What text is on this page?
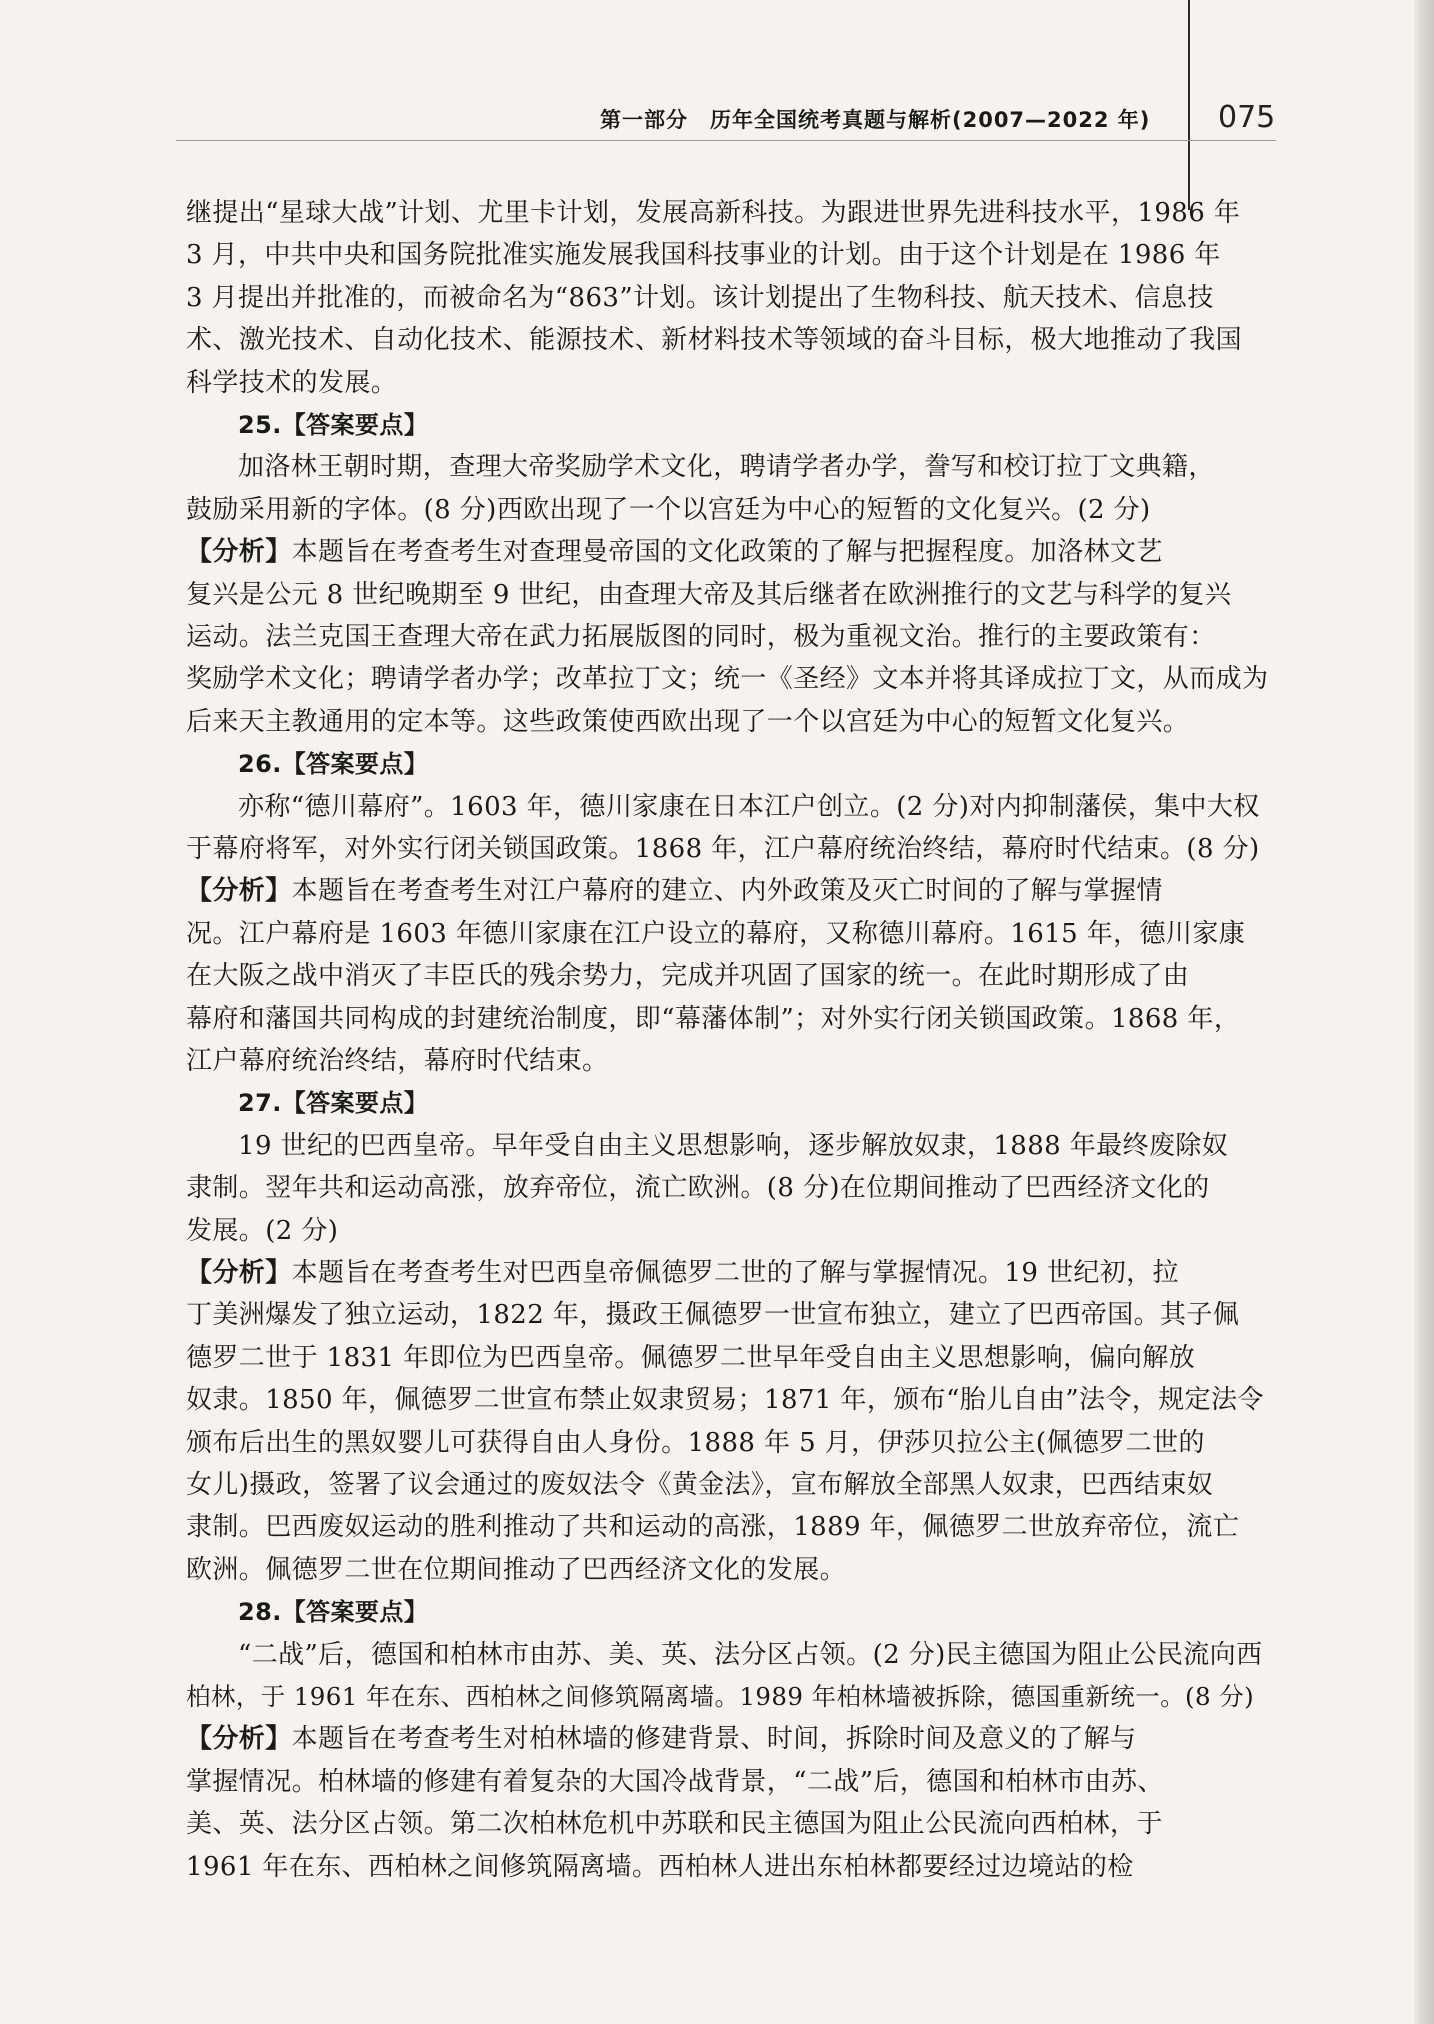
第一部分　历年全国统考真题与解析(2007—2022 年) 075
继提出“星球大战”计划、尤里卡计划，发展高新科技。为跟进世界先进科技水平，1986 年
3 月，中共中央和国务院批准实施发展我国科技事业的计划。由于这个计划是在 1986 年
3 月提出并批准的，而被命名为“863”计划。该计划提出了生物科技、航天技术、信息技
术、激光技术、自动化技术、能源技术、新材料技术等领域的奋斗目标，极大地推动了我国
科学技术的发展。
25.【答案要点】
加洛林王朝时期，查理大帝奖励学术文化，聘请学者办学，誊写和校订拉丁文典籍，
鼓励采用新的字体。(8 分)西欧出现了一个以宫廷为中心的短暂的文化复兴。(2 分)
【分析】本题旨在考查考生对查理曼帝国的文化政策的了解与把握程度。加洛林文艺
复兴是公元 8 世纪晚期至 9 世纪，由查理大帝及其后继者在欧洲推行的文艺与科学的复兴
运动。法兰克国王查理大帝在武力拓展版图的同时，极为重视文治。推行的主要政策有：
奖励学术文化；聘请学者办学；改革拉丁文；统一《圣经》文本并将其译成拉丁文，从而成为
后来天主教通用的定本等。这些政策使西欧出现了一个以宫廷为中心的短暂文化复兴。
26.【答案要点】
亦称“德川幕府”。1603 年，德川家康在日本江户创立。(2 分)对内抑制藩侯，集中大权
于幕府将军，对外实行闭关锁国政策。1868 年，江户幕府统治终结，幕府时代结束。(8 分)
【分析】本题旨在考查考生对江户幕府的建立、内外政策及灭亡时间的了解与掌握情
况。江户幕府是 1603 年德川家康在江户设立的幕府，又称德川幕府。1615 年，德川家康
在大阪之战中消灭了丰臣氏的残余势力，完成并巩固了国家的统一。在此时期形成了由
幕府和藩国共同构成的封建统治制度，即“幕藩体制”；对外实行闭关锁国政策。1868 年，
江户幕府统治终结，幕府时代结束。
27.【答案要点】
19 世纪的巴西皇帝。早年受自由主义思想影响，逐步解放奴隶，1888 年最终废除奴
隶制。翌年共和运动高涨，放弃帝位，流亡欧洲。(8 分)在位期间推动了巴西经济文化的
发展。(2 分)
【分析】本题旨在考查考生对巴西皇帝佩德罗二世的了解与掌握情况。19 世纪初，拉
丁美洲爆发了独立运动，1822 年，摄政王佩德罗一世宣布独立，建立了巴西帝国。其子佩
德罗二世于 1831 年即位为巴西皇帝。佩德罗二世早年受自由主义思想影响，偏向解放
奴隶。1850 年，佩德罗二世宣布禁止奴隶贸易；1871 年，颁布“胎儿自由”法令，规定法令
颁布后出生的黑奴婴儿可获得自由人身份。1888 年 5 月，伊莎贝拉公主(佩德罗二世的
女儿)摄政，签署了议会通过的废奴法令《黄金法》，宣布解放全部黑人奴隶，巴西结束奴
隶制。巴西废奴运动的胜利推动了共和运动的高涨，1889 年，佩德罗二世放弃帝位，流亡
欧洲。佩德罗二世在位期间推动了巴西经济文化的发展。
28.【答案要点】
“二战”后，德国和柏林市由苏、美、英、法分区占领。(2 分)民主德国为阻止公民流向西
柏林，于 1961 年在东、西柏林之间修筑隔离墙。1989 年柏林墙被拆除，德国重新统一。(8 分)
【分析】本题旨在考查考生对柏林墙的修建背景、时间，拆除时间及意义的了解与
掌握情况。柏林墙的修建有着复杂的大国冷战背景，“二战”后，德国和柏林市由苏、
美、英、法分区占领。第二次柏林危机中苏联和民主德国为阻止公民流向西柏林，于
1961 年在东、西柏林之间修筑隔离墙。西柏林人进出东柏林都要经过边境站的检
